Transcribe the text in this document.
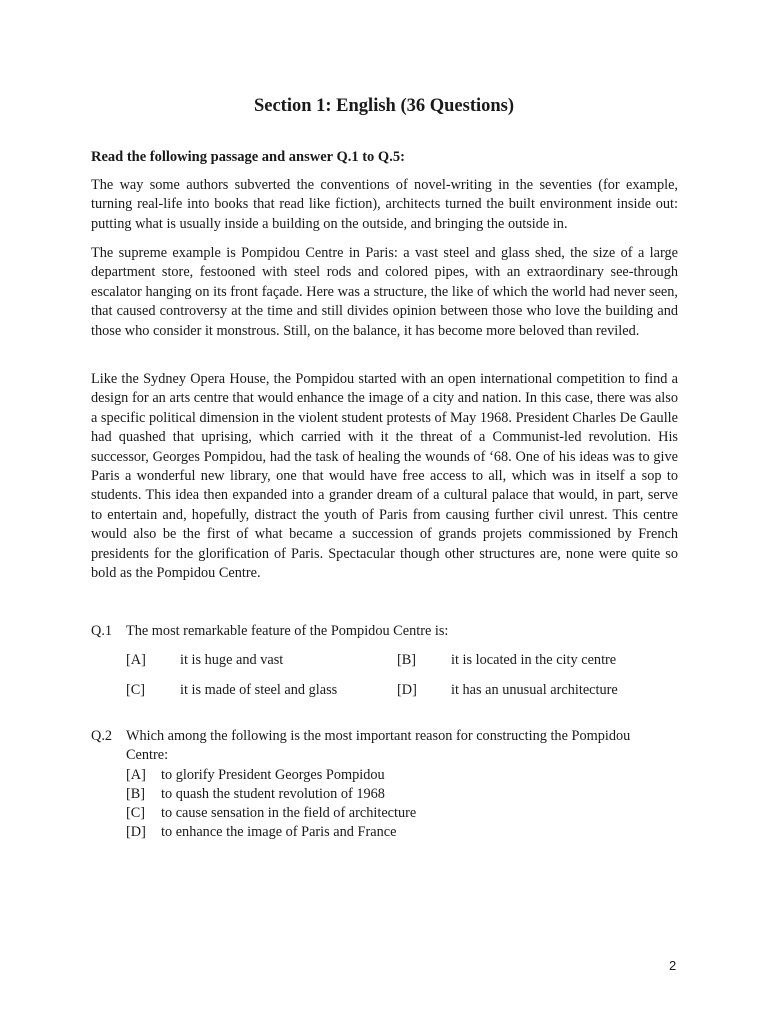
Section 1: English (36 Questions)
Read the following passage and answer Q.1 to Q.5:

The way some authors subverted the conventions of novel-writing in the seventies (for example, turning real-life into books that read like fiction), architects turned the built environment inside out: putting what is usually inside a building on the outside, and bringing the outside in.

The supreme example is Pompidou Centre in Paris: a vast steel and glass shed, the size of a large department store, festooned with steel rods and colored pipes, with an extraordinary see-through escalator hanging on its front façade. Here was a structure, the like of which the world had never seen, that caused controversy at the time and still divides opinion between those who love the building and those who consider it monstrous. Still, on the balance, it has become more beloved than reviled.

Like the Sydney Opera House, the Pompidou started with an open international competition to find a design for an arts centre that would enhance the image of a city and nation. In this case, there was also a specific political dimension in the violent student protests of May 1968. President Charles De Gaulle had quashed that uprising, which carried with it the threat of a Communist-led revolution. His successor, Georges Pompidou, had the task of healing the wounds of ‘68. One of his ideas was to give Paris a wonderful new library, one that would have free access to all, which was in itself a sop to students. This idea then expanded into a grander dream of a cultural palace that would, in part, serve to entertain and, hopefully, distract the youth of Paris from causing further civil unrest. This centre would also be the first of what became a succession of grands projets commissioned by French presidents for the glorification of Paris. Spectacular though other structures are, none were quite so bold as the Pompidou Centre.

Q.1 The most remarkable feature of the Pompidou Centre is:
[A] it is huge and vast	[B] it is located in the city centre
[C] it is made of steel and glass	[D] it has an unusual architecture
Q.2 Which among the following is the most important reason for constructing the Pompidou Centre:
[A] to glorify President Georges Pompidou
[B] to quash the student revolution of 1968
[C] to cause sensation in the field of architecture
[D] to enhance the image of Paris and France
2
